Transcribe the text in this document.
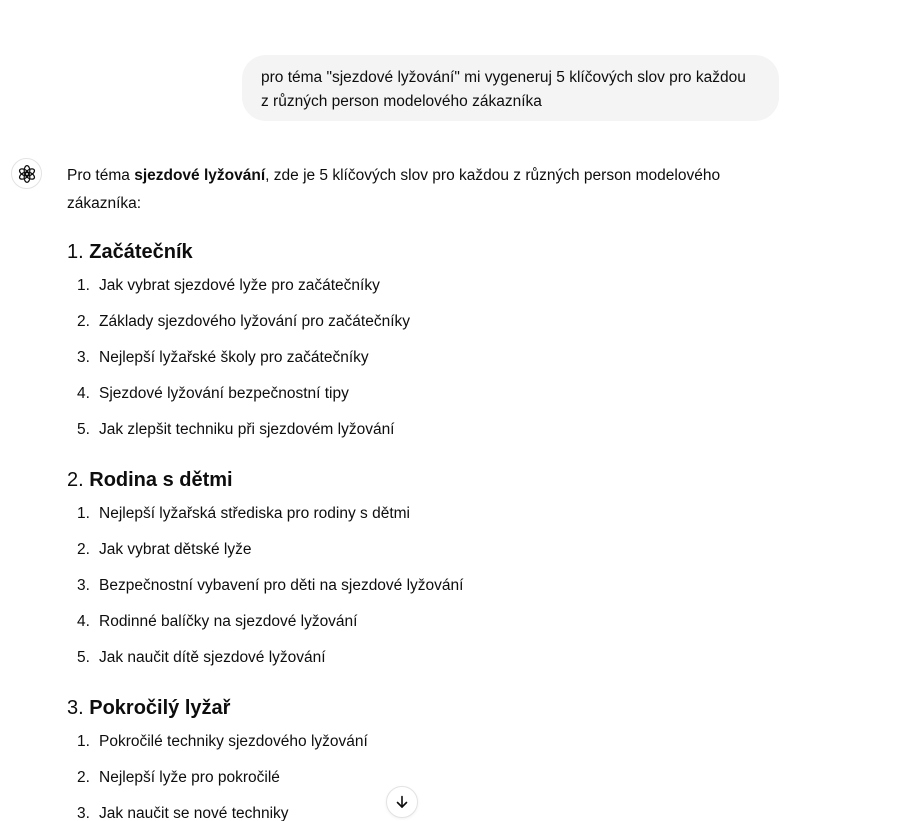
pro téma "sjezdové lyžování" mi vygeneruj 5 klíčových slov pro každou
z různých person modelového zákazníka

Pro téma sjezdové lyžování, zde je 5 klíčových slov pro každou z různých person modelového
zákazníka:

1. Začátečník
1. Jak vybrat sjezdové lyže pro začátečníky
2. Základy sjezdového lyžování pro začátečníky
3. Nejlepší lyžařské školy pro začátečníky
4. Sjezdové lyžování bezpečnostní tipy
5. Jak zlepšit techniku při sjezdovém lyžování
2. Rodina s dětmi
1. Nejlepší lyžařská střediska pro rodiny s dětmi
2. Jak vybrat dětské lyže
3. Bezpečnostní vybavení pro děti na sjezdové lyžování
4. Rodinné balíčky na sjezdové lyžování
5. Jak naučit dítě sjezdové lyžování
3. Pokročilý lyžař
1. Pokročilé techniky sjezdového lyžování
2. Nejlepší lyže pro pokročilé
3. Jak naučit se nové techniky
